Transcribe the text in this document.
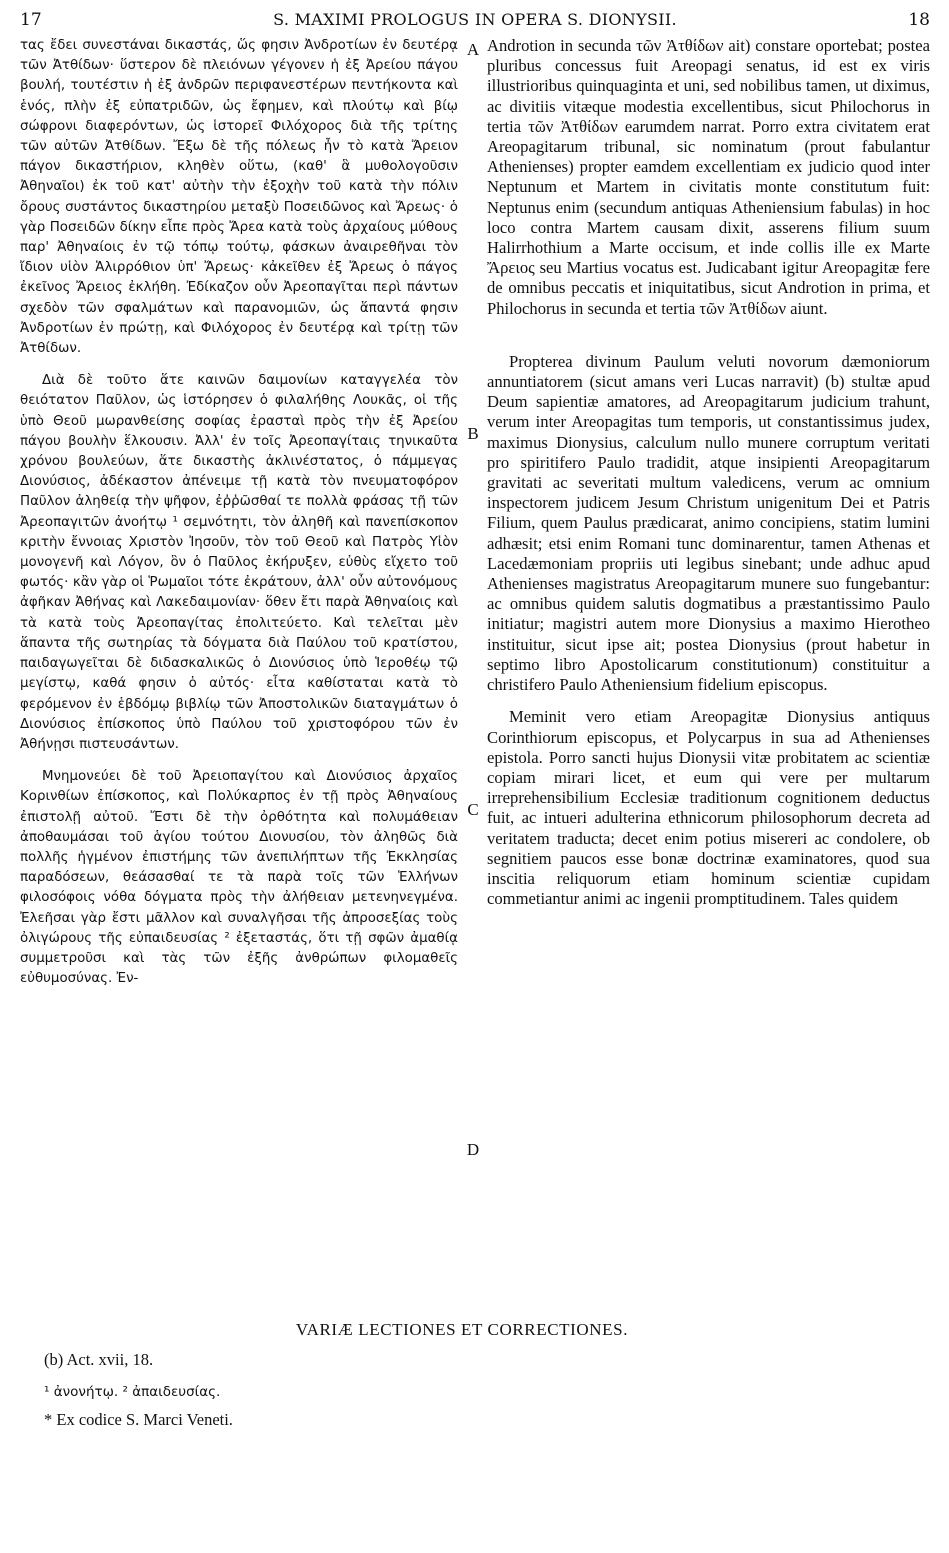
17	S. MAXIMI PROLOGUS IN OPERA S. DIONYSII.	18

τας ἔδει συνεστάναι δικαστάς, ὥς φησιν Ἀνδροτίων ἐν δευτέρᾳ τῶν Ἀτθίδων· ὕστερον δὲ πλειόνων γέγονεν ἡ ἐξ Ἀρείου πάγου βουλή, τουτέστιν ἡ ἐξ ἀνδρῶν περιφανεστέρων πεντήκοντα καὶ ἑνός, πλὴν ἐξ εὐπατριδῶν, ὡς ἔφημεν, καὶ πλούτῳ καὶ βίῳ σώφρονι διαφερόντων, ὡς ἱστορεῖ Φιλόχορος διὰ τῆς τρίτης τῶν αὐτῶν Ἀτθίδων. Ἔξω δὲ τῆς πόλεως ἦν τὸ κατὰ Ἄρειον πάγον δικαστήριον, κληθὲν οὕτω, (καθ' ἃ μυθολογοῦσιν Ἀθηναῖοι) ἐκ τοῦ κατ' αὐτὴν τὴν ἐξοχὴν τοῦ κατὰ τὴν πόλιν ὄρους συστάντος δικαστηρίου μεταξὺ Ποσειδῶνος καὶ Ἄρεως· ὁ γὰρ Ποσειδῶν δίκην εἶπε πρὸς Ἄρεα κατὰ τοὺς ἀρχαίους μύθους παρ' Ἀθηναίοις ἐν τῷ τόπῳ τούτῳ, φάσκων ἀναιρεθῆναι τὸν ἴδιον υἱὸν Ἁλιρρόθιον ὑπ' Ἄρεως· κἀκεῖθεν ἐξ Ἄρεως ὁ πάγος ἐκεῖνος Ἄρειος ἐκλήθη. Ἐδίκαζον οὖν Ἀρεοπαγῖται περὶ πάντων σχεδὸν τῶν σφαλμάτων καὶ παρανομιῶν, ὡς ἅπαντά φησιν Ἀνδροτίων ἐν πρώτῃ, καὶ Φιλόχορος ἐν δευτέρᾳ καὶ τρίτῃ τῶν Ἀτθίδων.

Διὰ δὲ τοῦτο ἅτε καινῶν δαιμονίων καταγγελέα τὸν θειότατον Παῦλον, ὡς ἱστόρησεν ὁ φιλαλήθης Λουκᾶς, οἱ τῆς ὑπὸ Θεοῦ μωρανθείσης σοφίας ἐρασταὶ πρὸς τὴν ἐξ Ἀρείου πάγου βουλὴν ἕλκουσιν. Ἀλλ' ἐν τοῖς Ἀρεοπαγίταις τηνικαῦτα χρόνου βουλεύων, ἅτε δικαστὴς ἀκλινέστατος, ὁ πάμμεγας Διονύσιος, ἀδέκαστον ἀπένειμε τῇ κατὰ τὸν πνευματοφόρον Παῦλον ἀληθείᾳ τὴν ψῆφον, ἐῤῥῶσθαί τε πολλὰ φράσας τῇ τῶν Ἀρεοπαγιτῶν ἀνοήτῳ ¹ σεμνότητι, τὸν ἀληθῆ καὶ πανεπίσκοπον κριτὴν ἔννοιας Χριστὸν Ἰησοῦν, τὸν τοῦ Θεοῦ καὶ Πατρὸς Υἱὸν μονογενῆ καὶ Λόγον, ὃν ὁ Παῦλος ἐκήρυξεν, εὐθὺς εἴχετο τοῦ φωτός· κἂν γὰρ οἱ Ῥωμαῖοι τότε ἐκράτουν, ἀλλ' οὖν αὐτονόμους ἀφῆκαν Ἀθήνας καὶ Λακεδαιμονίαν· ὅθεν ἔτι παρὰ Ἀθηναίοις καὶ τὰ κατὰ τοὺς Ἀρεοπαγίτας ἐπολιτεύετο. Καὶ τελεῖται μὲν ἅπαντα τῆς σωτηρίας τὰ δόγματα διὰ Παύλου τοῦ κρατίστου, παιδαγωγεῖται δὲ διδασκαλικῶς ὁ Διονύσιος ὑπὸ Ἱεροθέῳ τῷ μεγίστῳ, καθά φησιν ὁ αὐτός· εἶτα καθίσταται κατὰ τὸ φερόμενον ἐν ἑβδόμῳ βιβλίῳ τῶν Ἀποστολικῶν διαταγμάτων ὁ Διονύσιος ἐπίσκοπος ὑπὸ Παύλου τοῦ χριστοφόρου τῶν ἐν Ἀθήνῃσι πιστευσάντων.

Μνημονεύει δὲ τοῦ Ἀρειοπαγίτου καὶ Διονύσιος ἀρχαῖος Κορινθίων ἐπίσκοπος, καὶ Πολύκαρπος ἐν τῇ πρὸς Ἀθηναίους ἐπιστολῇ αὐτοῦ. Ἔστι δὲ τὴν ὀρθότητα καὶ πολυμάθειαν ἀποθαυμάσαι τοῦ ἁγίου τούτου Διονυσίου, τὸν ἀληθῶς διὰ πολλῆς ἡγμένον ἐπιστήμης τῶν ἀνεπιλήπτων τῆς Ἐκκλησίας παραδόσεων, θεάσασθαί τε τὰ παρὰ τοῖς τῶν Ἑλλήνων φιλοσόφοις νόθα δόγματα πρὸς τὴν ἀλήθειαν μετενηνεγμένα. Ἐλεῆσαι γὰρ ἔστι μᾶλλον καὶ συναλγῆσαι τῆς ἀπροσεξίας τοὺς ὀλιγώρους τῆς εὐπαιδευσίας ² ἐξεταστάς, ὅτι τῇ σφῶν ἀμαθίᾳ συμμετροῦσι καὶ τὰς τῶν ἐξῆς ἀνθρώπων φιλομαθεῖς εὐθυμοσύνας. Ἐν-

A
B
C
D

Androtion in secunda τῶν Ἀτθίδων ait) constare oportebat; postea pluribus concessus fuit Areopagi senatus, id est ex viris illustrioribus quinquaginta et uni, sed nobilibus tamen, ut diximus, ac divitiis vitæque modestia excellentibus, sicut Philochorus in tertia τῶν Ἀτθίδων earumdem narrat. Porro extra civitatem erat Areopagitarum tribunal, sic nominatum (prout fabulantur Athenienses) propter eamdem excellentiam ex judicio quod inter Neptunum et Martem in civitatis monte constitutum fuit: Neptunus enim (secundum antiquas Atheniensium fabulas) in hoc loco contra Martem causam dixit, asserens filium suum Halirrhothium a Marte occisum, et inde collis ille ex Marte Ἄρειος seu Martius vocatus est. Judicabant igitur Areopagitæ fere de omnibus peccatis et iniquitatibus, sicut Androtion in prima, et Philochorus in secunda et tertia τῶν Ἀτθίδων aiunt.

Propterea divinum Paulum veluti novorum dæmoniorum annuntiatorem (sicut amans veri Lucas narravit) (b) stultæ apud Deum sapientiæ amatores, ad Areopagitarum judicium trahunt, verum inter Areopagitas tum temporis, ut constantissimus judex, maximus Dionysius, calculum nullo munere corruptum veritati pro spiritifero Paulo tradidit, atque insipienti Areopagitarum gravitati ac severitati multum valedicens, verum ac omnium inspectorem judicem Jesum Christum unigenitum Dei et Patris Filium, quem Paulus prædicarat, animo concipiens, statim lumini adhæsit; etsi enim Romani tunc dominarentur, tamen Athenas et Lacedæmoniam propriis uti legibus sinebant; unde adhuc apud Athenienses magistratus Areopagitarum munere suo fungebantur: ac omnibus quidem salutis dogmatibus a præstantissimo Paulo initiatur; magistri autem more Dionysius a maximo Hierotheo instituitur, sicut ipse ait; postea Dionysius (prout habetur in septimo libro Apostolicarum constitutionum) constituitur a christifero Paulo Atheniensium fidelium episcopus.

Meminit vero etiam Areopagitæ Dionysius antiquus Corinthiorum episcopus, et Polycarpus in sua ad Athenienses epistola. Porro sancti hujus Dionysii vitæ probitatem ac scientiæ copiam mirari licet, et eum qui vere per multarum irreprehensibilium Ecclesiæ traditionum cognitionem deductus fuit, ac intueri adulterina ethnicorum philosophorum decreta ad veritatem traducta; decet enim potius misereri ac condolere, ob segnitiem paucos esse bonæ doctrinæ examinatores, quod sua inscitia reliquorum etiam hominum scientiæ cupidam commetiantur animi ac ingenii promptitudinem. Tales quidem

VARIÆ LECTIONES ET CORRECTIONES.
(b) Act. xvii, 18.
¹ ἀνονήτῳ. ² ἀπαιδευσίας.
* Ex codice S. Marci Veneti.
